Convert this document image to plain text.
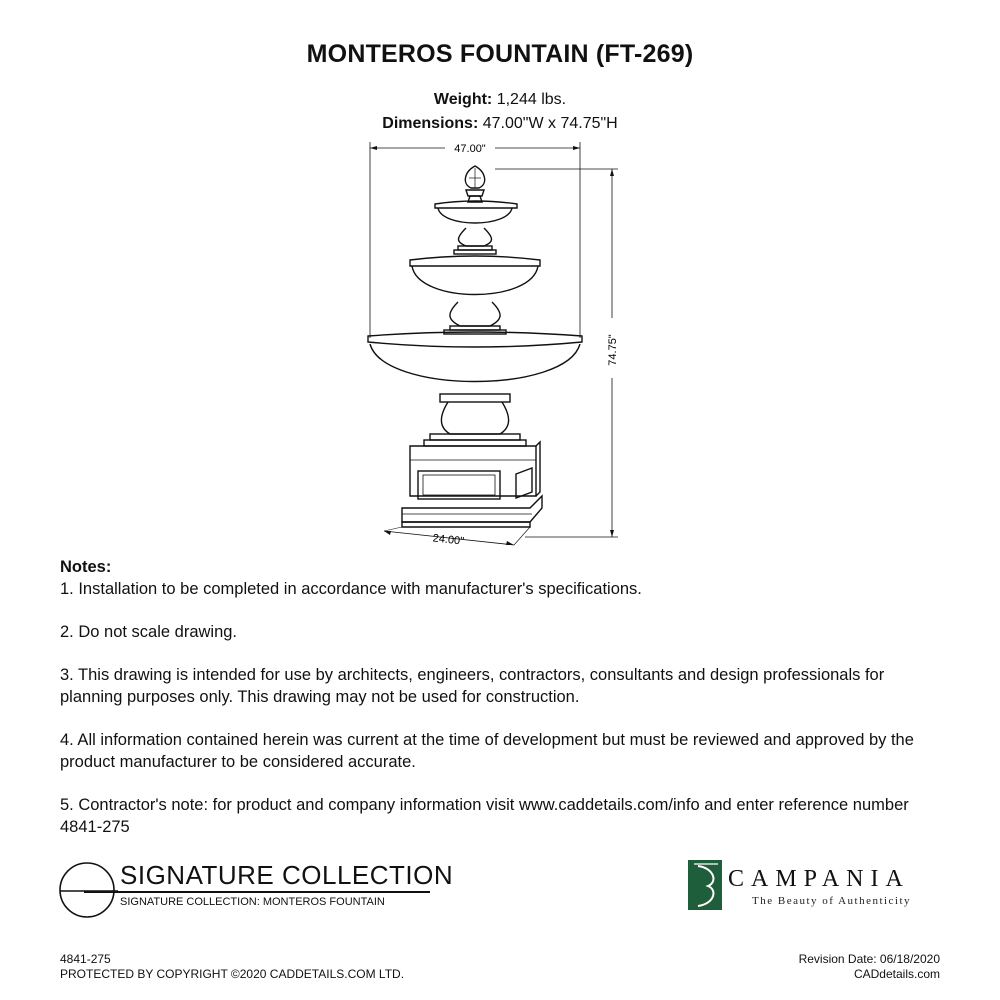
MONTEROS FOUNTAIN (FT-269)
Weight: 1,244 lbs.
Dimensions: 47.00"W x 74.75"H
47.00"
74.75"
24.00"
Notes:

1. Installation to be completed in accordance with manufacturer's specifications.

2. Do not scale drawing.

3. This drawing is intended for use by architects, engineers, contractors, consultants and design professionals for planning purposes only. This drawing may not be used for construction.

4. All information contained herein was current at the time of development but must be reviewed and approved by the product manufacturer to be considered accurate.

5. Contractor's note: for product and company information visit www.caddetails.com/info and enter reference number 4841-275

SIGNATURE COLLECTION
SIGNATURE COLLECTION: MONTEROS FOUNTAIN
CAMPANIA
The Beauty of Authenticity
4841-275
PROTECTED BY COPYRIGHT ©2020 CADDETAILS.COM LTD.
Revision Date: 06/18/2020
CADdetails.com
